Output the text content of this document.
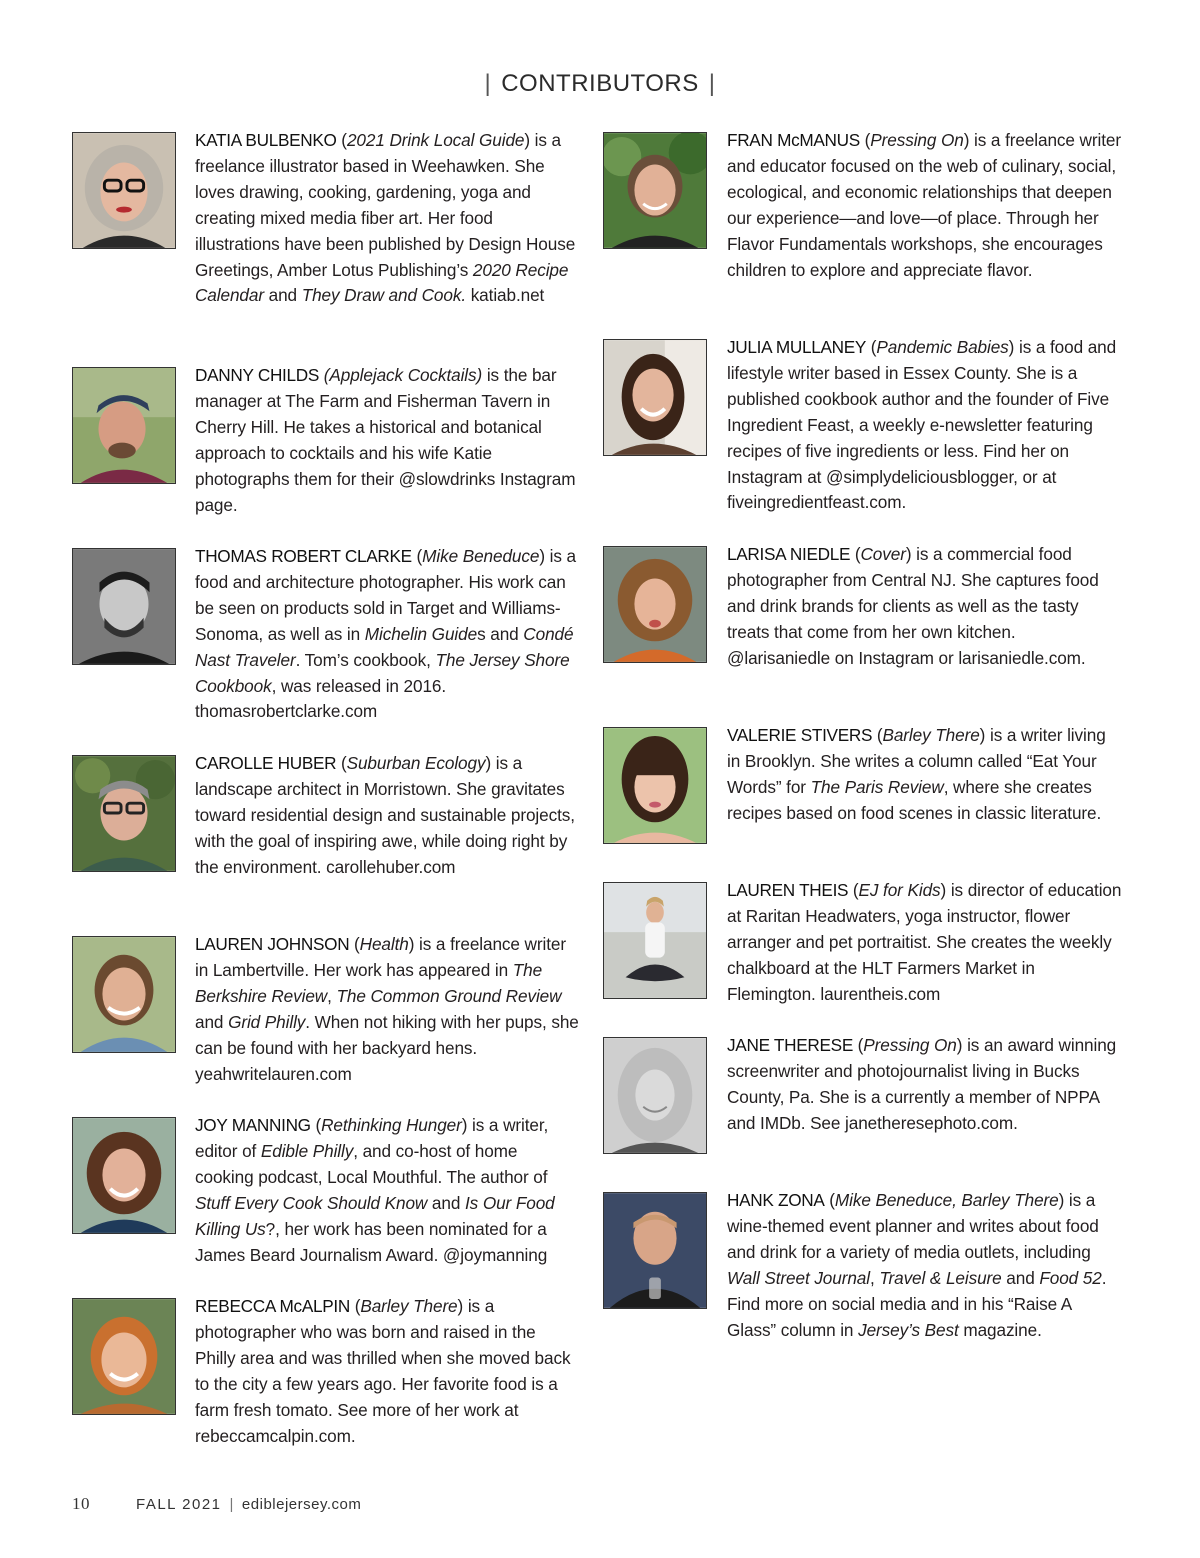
| CONTRIBUTORS |

KATIA BULBENKO (2021 Drink Local Guide) is a freelance illustrator based in Weehawken. She loves drawing, cooking, gardening, yoga and creating mixed media fiber art. Her food illustrations have been published by Design House Greetings, Amber Lotus Publishing’s 2020 Recipe Calendar and They Draw and Cook. katiab.net

DANNY CHILDS (Applejack Cocktails) is the bar manager at The Farm and Fisherman Tavern in Cherry Hill. He takes a historical and botanical approach to cocktails and his wife Katie photographs them for their @slowdrinks Instagram page.

THOMAS ROBERT CLARKE (Mike Beneduce) is a food and architecture photographer. His work can be seen on products sold in Target and Williams-Sonoma, as well as in Michelin Guides and Condé Nast Traveler. Tom’s cookbook, The Jersey Shore Cookbook, was released in 2016. thomasrobertclarke.com

CAROLLE HUBER (Suburban Ecology) is a landscape architect in Morristown. She gravitates toward residential design and sustainable projects, with the goal of inspiring awe, while doing right by the environment. carollehuber.com

LAUREN JOHNSON (Health) is a freelance writer in Lambertville. Her work has appeared in The Berkshire Review, The Common Ground Review and Grid Philly. When not hiking with her pups, she can be found with her backyard hens. yeahwritelauren.com

JOY MANNING (Rethinking Hunger) is a writer, editor of Edible Philly, and co-host of home cooking podcast, Local Mouthful. The author of Stuff Every Cook Should Know and Is Our Food Killing Us?, her work has been nominated for a James Beard Journalism Award. @joymanning

REBECCA McALPIN (Barley There) is a photographer who was born and raised in the Philly area and was thrilled when she moved back to the city a few years ago. Her favorite food is a farm fresh tomato. See more of her work at rebeccamcalpin.com.

FRAN McMANUS (Pressing On) is a freelance writer and educator focused on the web of culinary, social, ecological, and economic relationships that deepen our experience—and love—of place. Through her Flavor Fundamentals workshops, she encourages children to explore and appreciate flavor.

JULIA MULLANEY (Pandemic Babies) is a food and lifestyle writer based in Essex County. She is a published cookbook author and the founder of Five Ingredient Feast, a weekly e-newsletter featuring recipes of five ingredients or less. Find her on Instagram at @simplydeliciousblogger, or at fiveingredientfeast.com.

LARISA NIEDLE (Cover) is a commercial food photographer from Central NJ. She captures food and drink brands for clients as well as the tasty treats that come from her own kitchen. @larisaniedle on Instagram or larisaniedle.com.

VALERIE STIVERS (Barley There) is a writer living in Brooklyn. She writes a column called “Eat Your Words” for The Paris Review, where she creates recipes based on food scenes in classic literature.

LAUREN THEIS (EJ for Kids) is director of education at Raritan Headwaters, yoga instructor, flower arranger and pet portraitist. She creates the weekly chalkboard at the HLT Farmers Market in Flemington. laurentheis.com

JANE THERESE (Pressing On) is an award winning screenwriter and photojournalist living in Bucks County, Pa. She is a currently a member of NPPA and IMDb. See janetheresephoto.com.

HANK ZONA (Mike Beneduce, Barley There) is a wine-themed event planner and writes about food and drink for a variety of media outlets, including Wall Street Journal, Travel & Leisure and Food 52. Find more on social media and in his “Raise A Glass” column in Jersey’s Best magazine.

10	FALL 2021 | ediblejersey.com
